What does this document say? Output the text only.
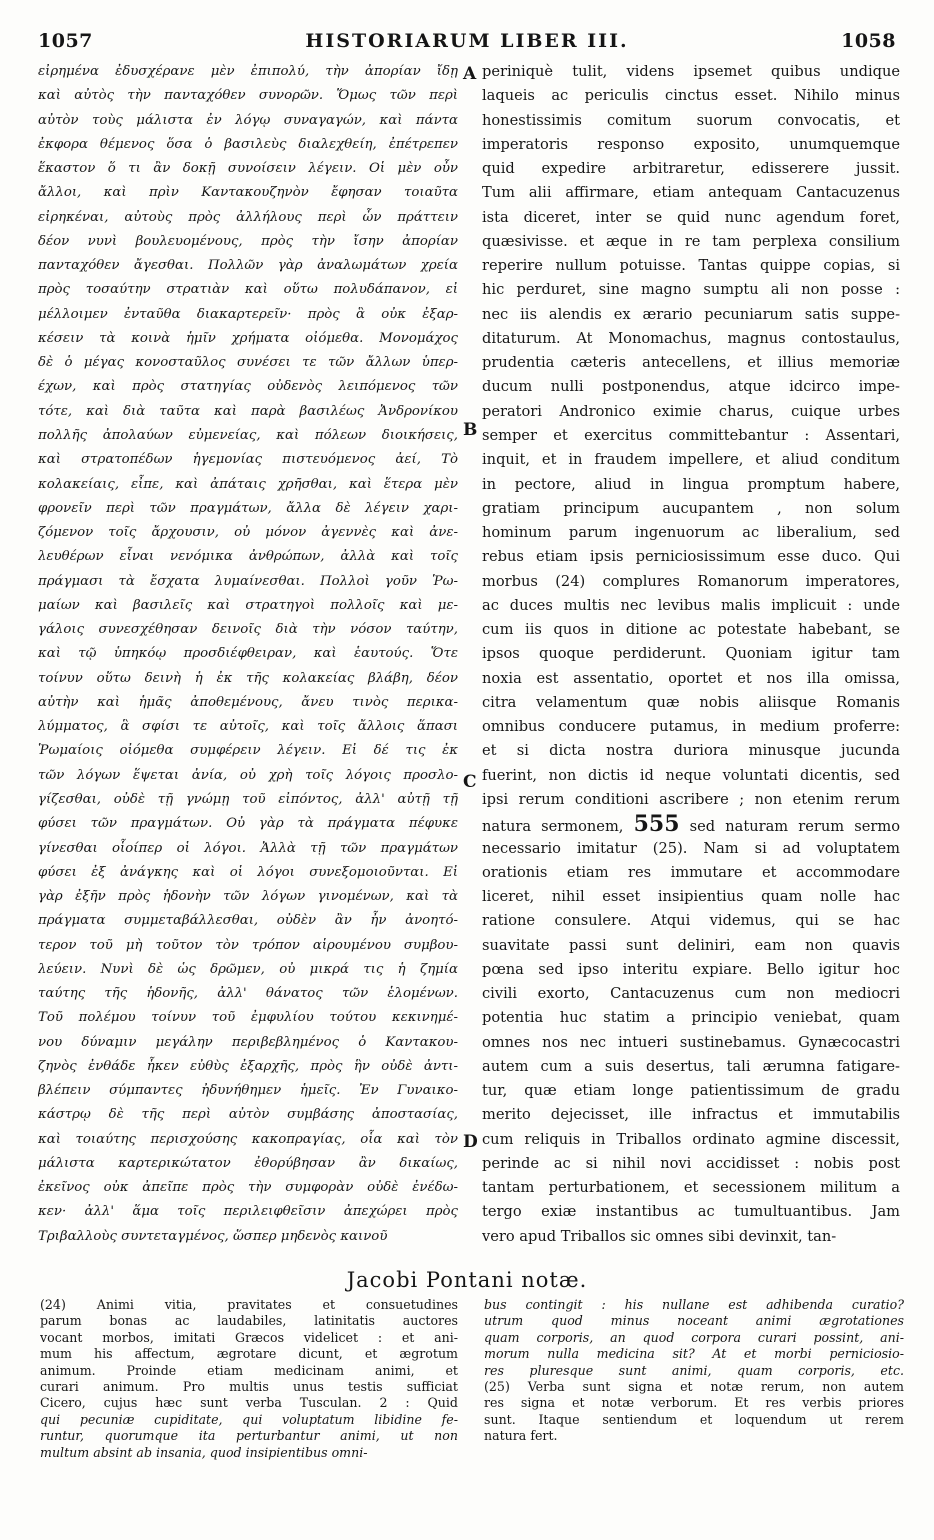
1057	HISTORIARUM LIBER III.	1058
εἰρημένα ἐδυσχέρανε μὲν ἐπιπολύ, τὴν ἀπορίαν ἴδῃ
καὶ αὐτὸς τὴν πανταχόθεν συνορῶν. Ὅμως τῶν περὶ
αὐτὸν τοὺς μάλιστα ἐν λόγῳ συναγαγών, καὶ πάντα
ἐκφορα θέμενος ὅσα ὁ βασιλεὺς διαλεχθείη, ἐπέτρεπεν
ἕκαστον ὅ τι ἂν δοκῇ συνοίσειν λέγειν. Οἱ μὲν οὖν
ἄλλοι, καὶ πρὶν Καντακουζηνὸν ἔφησαν τοιαῦτα
εἰρηκέναι, αὐτοὺς πρὸς ἀλλήλους περὶ ὧν πράττειν
δέον νυνὶ βουλευομένους, πρὸς τὴν ἴσην ἀπορίαν
πανταχόθεν ἄγεσθαι. Πολλῶν γὰρ ἀναλωμάτων χρεία
πρὸς τοσαύτην στρατιὰν καὶ οὕτω πολυδάπανον, εἰ
μέλλοιμεν ἐνταῦθα διακαρτερεῖν· πρὸς ἃ οὐκ ἐξαρ-
κέσειν τὰ κοινὰ ἡμῖν χρήματα οἰόμεθα. Μονομάχος
δὲ ὁ μέγας κονοσταῦλος συνέσει τε τῶν ἄλλων ὑπερ-
έχων, καὶ πρὸς στατηγίας οὐδενὸς λειπόμενος τῶν
τότε, καὶ διὰ ταῦτα καὶ παρὰ βασιλέως Ἀνδρονίκου
πολλῆς ἀπολαύων εὐμενείας, καὶ πόλεων διοικήσεις,
καὶ στρατοπέδων ἡγεμονίας πιστευόμενος ἀεί, Τὸ
κολακείαις, εἶπε, καὶ ἀπάταις χρῆσθαι, καὶ ἕτερα μὲν
φρονεῖν περὶ τῶν πραγμάτων, ἄλλα δὲ λέγειν χαρι-
ζόμενον τοῖς ἄρχουσιν, οὐ μόνον ἀγεννὲς καὶ ἀνε-
λευθέρων εἶναι νενόμικα ἀνθρώπων, ἀλλὰ καὶ τοῖς
πράγμασι τὰ ἔσχατα λυμαίνεσθαι. Πολλοὶ γοῦν Ῥω-
μαίων καὶ βασιλεῖς καὶ στρατηγοὶ πολλοῖς καὶ με-
γάλοις συνεσχέθησαν δεινοῖς διὰ τὴν νόσον ταύτην,
καὶ τῷ ὑπηκόῳ προσδιέφθειραν, καὶ ἑαυτούς. Ὅτε
τοίνυν οὕτω δεινὴ ἡ ἐκ τῆς κολακείας βλάβη, δέον
αὐτὴν καὶ ἡμᾶς ἀποθεμένους, ἄνευ τινὸς περικα-
λύμματος, ἃ σφίσι τε αὐτοῖς, καὶ τοῖς ἄλλοις ἅπασι
Ῥωμαίοις οἰόμεθα συμφέρειν λέγειν. Εἰ δέ τις ἐκ
τῶν λόγων ἕψεται ἀνία, οὐ χρὴ τοῖς λόγοις προσλο-
γίζεσθαι, οὐδὲ τῇ γνώμῃ τοῦ εἰπόντος, ἀλλ' αὐτῇ τῇ
φύσει τῶν πραγμάτων. Οὐ γὰρ τὰ πράγματα πέφυκε
γίνεσθαι οἷοίπερ οἱ λόγοι. Ἀλλὰ τῇ τῶν πραγμάτων
φύσει ἐξ ἀνάγκης καὶ οἱ λόγοι συνεξομοιοῦνται. Εἰ
γὰρ ἐξῆν πρὸς ἡδονὴν τῶν λόγων γινομένων, καὶ τὰ
πράγματα συμμεταβάλλεσθαι, οὐδὲν ἂν ἦν ἀνοητό-
τερον τοῦ μὴ τοῦτον τὸν τρόπον αἱρουμένου συμβου-
λεύειν. Νυνὶ δὲ ὡς δρῶμεν, οὐ μικρά τις ἡ ζημία
ταύτης τῆς ἡδονῆς, ἀλλ' θάνατος τῶν ἑλομένων.
Τοῦ πολέμου τοίνυν τοῦ ἐμφυλίου τούτου κεκινημέ-
νου δύναμιν μεγάλην περιβεβλημένος ὁ Καντακου-
ζηνὸς ἐνθάδε ἧκεν εὐθὺς ἐξαρχῆς, πρὸς ἣν οὐδὲ ἀντι-
βλέπειν σύμπαντες ἠδυνήθημεν ἡμεῖς. Ἐν Γυναικο-
κάστρῳ δὲ τῆς περὶ αὐτὸν συμβάσης ἀποστασίας,
καὶ τοιαύτης περισχούσης κακοπραγίας, οἷα καὶ τὸν
μάλιστα καρτερικώτατον ἐθορύβησαν ἂν δικαίως,
ἐκεῖνος οὐκ ἀπεῖπε πρὸς τὴν συμφορὰν οὐδὲ ἐνέδω-
κεν· ἀλλ' ἅμα τοῖς περιλειφθεῖσιν ἀπεχώρει πρὸς
Τριβαλλοὺς συντεταγμένος, ὥσπερ μηδενὸς καινοῦ
periniquè tulit, videns ipsemet quibus undique
laqueis ac periculis cinctus esset. Nihilo minus
honestissimis comitum suorum convocatis, et
imperatoris responso exposito, unumquemque
quid expedire arbitraretur, edisserere jussit.
Tum alii affirmare, etiam antequam Cantacuzenus
ista diceret, inter se quid nunc agendum foret,
quæsivisse. et æque in re tam perplexa consilium
reperire nullum potuisse. Tantas quippe copias, si
hic perduret, sine magno sumptu ali non posse :
nec iis alendis ex ærario pecuniarum satis suppe-
ditaturum. At Monomachus, magnus contostaulus,
prudentia cæteris antecellens, et illius memoriæ
ducum nulli postponendus, atque idcirco impe-
peratori Andronico eximie charus, cuique urbes
semper et exercitus committebantur : Assentari,
inquit, et in fraudem impellere, et aliud conditum
in pectore, aliud in lingua promptum habere,
gratiam principum aucupantem , non solum
hominum parum ingenuorum ac liberalium, sed
rebus etiam ipsis perniciosissimum esse duco. Qui
morbus (24) complures Romanorum imperatores,
ac duces multis nec levibus malis implicuit : unde
cum iis quos in ditione ac potestate habebant, se
ipsos quoque perdiderunt. Quoniam igitur tam
noxia est assentatio, oportet et nos illa omissa,
citra velamentum quæ nobis aliisque Romanis
omnibus conducere putamus, in medium proferre:
et si dicta nostra duriora minusque jucunda
fuerint, non dictis id neque voluntati dicentis, sed
ipsi rerum conditioni ascribere ; non etenim rerum
natura sermonem, 555 sed naturam rerum sermo
necessario imitatur (25). Nam si ad voluptatem
orationis etiam res immutare et accommodare
liceret, nihil esset insipientius quam nolle hac
ratione consulere. Atqui videmus, qui se hac
suavitate passi sunt deliniri, eam non quavis
pœna sed ipso interitu expiare. Bello igitur hoc
civili exorto, Cantacuzenus cum non mediocri
potentia huc statim a principio veniebat, quam
omnes nos nec intueri sustinebamus. Gynæcocastri
autem cum a suis desertus, tali ærumna fatigare-
tur, quæ etiam longe patientissimum de gradu
merito dejecisset, ille infractus et immutabilis
cum reliquis in Triballos ordinato agmine discessit,
perinde ac si nihil novi accidisset : nobis post
tantam perturbationem, et secessionem militum a
tergo exiæ instantibus ac tumultuantibus. Jam
vero apud Triballos sic omnes sibi devinxit, tan-
A
B
C
D
Jacobi Pontani notæ.
(24) Animi vitia, pravitates et consuetudines
parum bonas ac laudabiles, latinitatis auctores
vocant morbos, imitati Græcos videlicet : et ani-
mum his affectum, ægrotare dicunt, et ægrotum
animum. Proinde etiam medicinam animi, et
curari animum. Pro multis unus testis sufficiat
Cicero, cujus hæc sunt verba Tusculan. 2 : Quid
qui pecuniæ cupiditate, qui voluptatum libidine fe-
runtur, quorumque ita perturbantur animi, ut non
multum absint ab insania, quod insipientibus omni-
bus contingit : his nullane est adhibenda curatio?
utrum quod minus noceant animi ægrotationes
quam corporis, an quod corpora curari possint, ani-
morum nulla medicina sit? At et morbi perniciosio-
res pluresque sunt animi, quam corporis, etc.
(25) Verba sunt signa et notæ rerum, non autem
res signa et notæ verborum. Et res verbis priores
sunt. Itaque sentiendum et loquendum ut rerem
natura fert.
